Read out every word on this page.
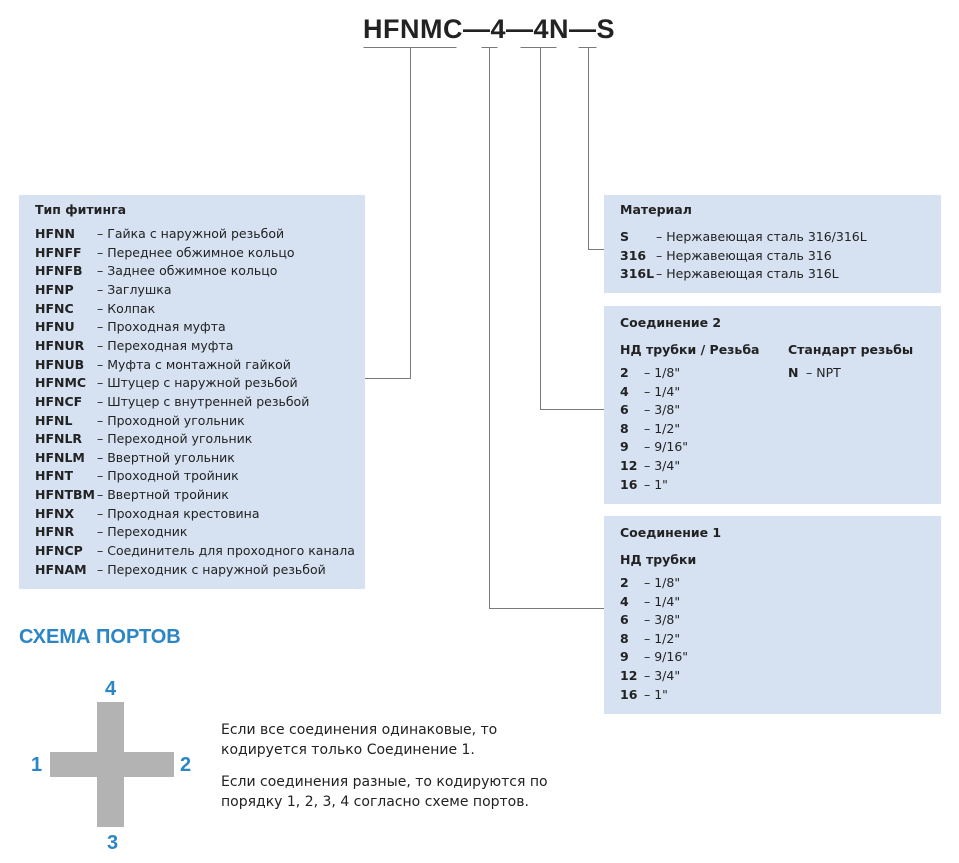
HFNMC—4—4N—S
Тип фитинга
HFNN – Гайка с наружной резьбой
HFNFF – Переднее обжимное кольцо
HFNFB – Заднее обжимное кольцо
HFNP – Заглушка
HFNC – Колпак
HFNU – Проходная муфта
HFNUR – Переходная муфта
HFNUB – Муфта с монтажной гайкой
HFNMC – Штуцер с наружной резьбой
HFNCF – Штуцер с внутренней резьбой
HFNL – Проходной угольник
HFNLR – Переходной угольник
HFNLM – Ввертной угольник
HFNT – Проходной тройник
HFNTBM – Ввертной тройник
HFNX – Проходная крестовина
HFNR – Переходник
HFNCP – Соединитель для проходного канала
HFNAM – Переходник с наружной резьбой
Материал
S – Нержавеющая сталь 316/316L
316 – Нержавеющая сталь 316
316L – Нержавеющая сталь 316L
Соединение 2
НД трубки / Резьба Стандарт резьбы
2 – 1/8"
4 – 1/4"
6 – 3/8"
8 – 1/2"
9 – 9/16"
12 – 3/4"
16 – 1"
N – NPT
Соединение 1
НД трубки
2 – 1/8"
4 – 1/4"
6 – 3/8"
8 – 1/2"
9 – 9/16"
12 – 3/4"
16 – 1"
СХЕМА ПОРТОВ
4
1	2
3
Если все соединения одинаковые, то
кодируется только Соединение 1.
Если соединения разные, то кодируются по
порядку 1, 2, 3, 4 согласно схеме портов.
